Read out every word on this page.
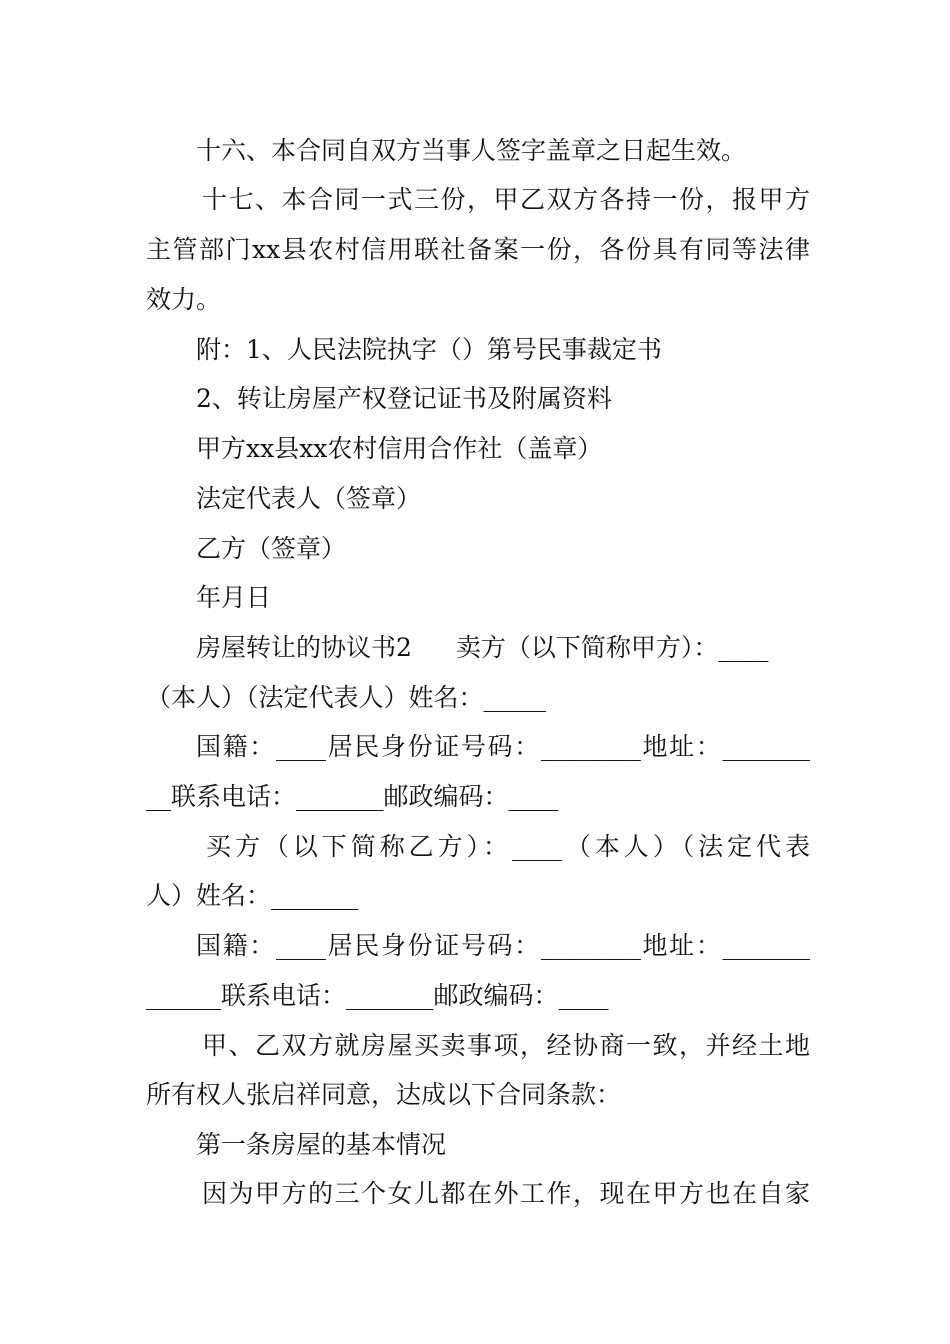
十六、本合同自双方当事人签字盖章之日起生效。
十七、本合同一式三份，甲乙双方各持一份，报甲方
主管部门xx县农村信用联社备案一份，各份具有同等法律
效力。
附：1、人民法院执字（）第号民事裁定书
2、转让房屋产权登记证书及附属资料
甲方xx县xx农村信用合作社（盖章）
法定代表人（签章）
乙方（签章）
年月日
房屋转让的协议书2 卖方（以下简称甲方）：____
（本人）（法定代表人）姓名：_____
国籍：____居民身份证号码：________地址：_______
__联系电话：_______邮政编码：____
买方（以下简称乙方）：____（本人）（法定代表
人）姓名：_______
国籍：____居民身份证号码：________地址：_______
______联系电话：_______邮政编码：____
甲、乙双方就房屋买卖事项，经协商一致，并经土地
所有权人张启祥同意，达成以下合同条款：
第一条房屋的基本情况
因为甲方的三个女儿都在外工作，现在甲方也在自家
